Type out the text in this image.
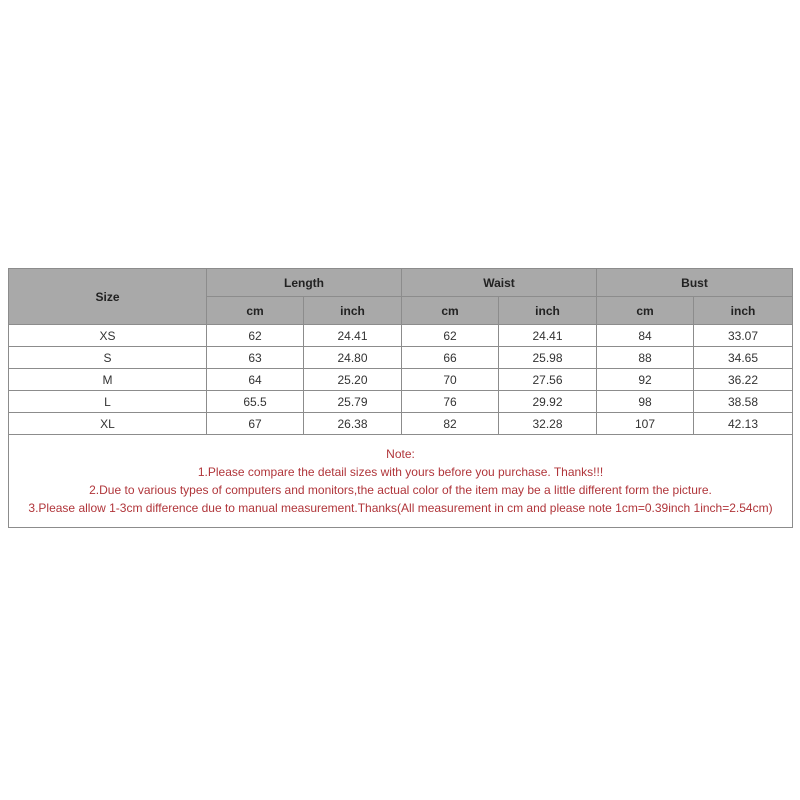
Size	Length		Waist		Bust	
	cm	inch	cm	inch	cm	inch
XS	62	24.41	62	24.41	84	33.07
S	63	24.80	66	25.98	88	34.65
M	64	25.20	70	27.56	92	36.22
L	65.5	25.79	76	29.92	98	38.58
XL	67	26.38	82	32.28	107	42.13

Note:
1.Please compare the detail sizes with yours before you purchase. Thanks!!!
2.Due to various types of computers and monitors,the actual color of the item may be a little different form the picture.
3.Please allow 1-3cm difference due to manual measurement.Thanks(All measurement in cm and please note 1cm=0.39inch 1inch=2.54cm)						
